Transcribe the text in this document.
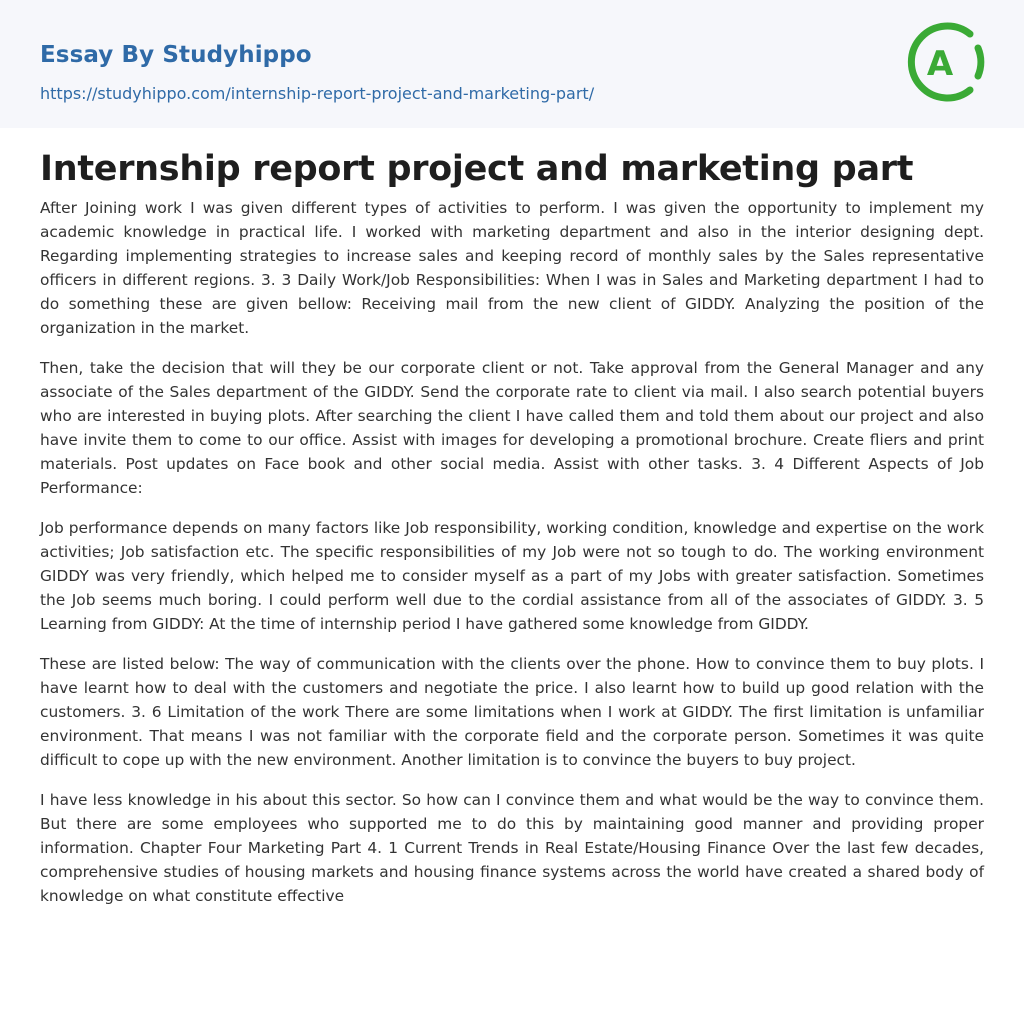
Essay By Studyhippo
https://studyhippo.com/internship-report-project-and-marketing-part/
A
Internship report project and marketing part

After Joining work I was given different types of activities to perform. I was given the opportunity to implement my academic knowledge in practical life. I worked with marketing department and also in the interior designing dept. Regarding implementing strategies to increase sales and keeping record of monthly sales by the Sales representative officers in different regions. 3. 3 Daily Work/Job Responsibilities: When I was in Sales and Marketing department I had to do something these are given bellow: Receiving mail from the new client of GIDDY. Analyzing the position of the organization in the market.

Then, take the decision that will they be our corporate client or not. Take approval from the General Manager and any associate of the Sales department of the GIDDY. Send the corporate rate to client via mail. I also search potential buyers who are interested in buying plots. After searching the client I have called them and told them about our project and also have invite them to come to our office. Assist with images for developing a promotional brochure. Create fliers and print materials. Post updates on Face book and other social media. Assist with other tasks. 3. 4 Different Aspects of Job Performance:

Job performance depends on many factors like Job responsibility, working condition, knowledge and expertise on the work activities; Job satisfaction etc. The specific responsibilities of my Job were not so tough to do. The working environment GIDDY was very friendly, which helped me to consider myself as a part of my Jobs with greater satisfaction. Sometimes the Job seems much boring. I could perform well due to the cordial assistance from all of the associates of GIDDY. 3. 5 Learning from GIDDY: At the time of internship period I have gathered some knowledge from GIDDY.

These are listed below: The way of communication with the clients over the phone. How to convince them to buy plots. I have learnt how to deal with the customers and negotiate the price. I also learnt how to build up good relation with the customers. 3. 6 Limitation of the work There are some limitations when I work at GIDDY. The first limitation is unfamiliar environment. That means I was not familiar with the corporate field and the corporate person. Sometimes it was quite difficult to cope up with the new environment. Another limitation is to convince the buyers to buy project.

I have less knowledge in his about this sector. So how can I convince them and what would be the way to convince them. But there are some employees who supported me to do this by maintaining good manner and providing proper information. Chapter Four Marketing Part 4. 1 Current Trends in Real Estate/Housing Finance Over the last few decades, comprehensive studies of housing markets and housing finance systems across the world have created a shared body of knowledge on what constitute effective
